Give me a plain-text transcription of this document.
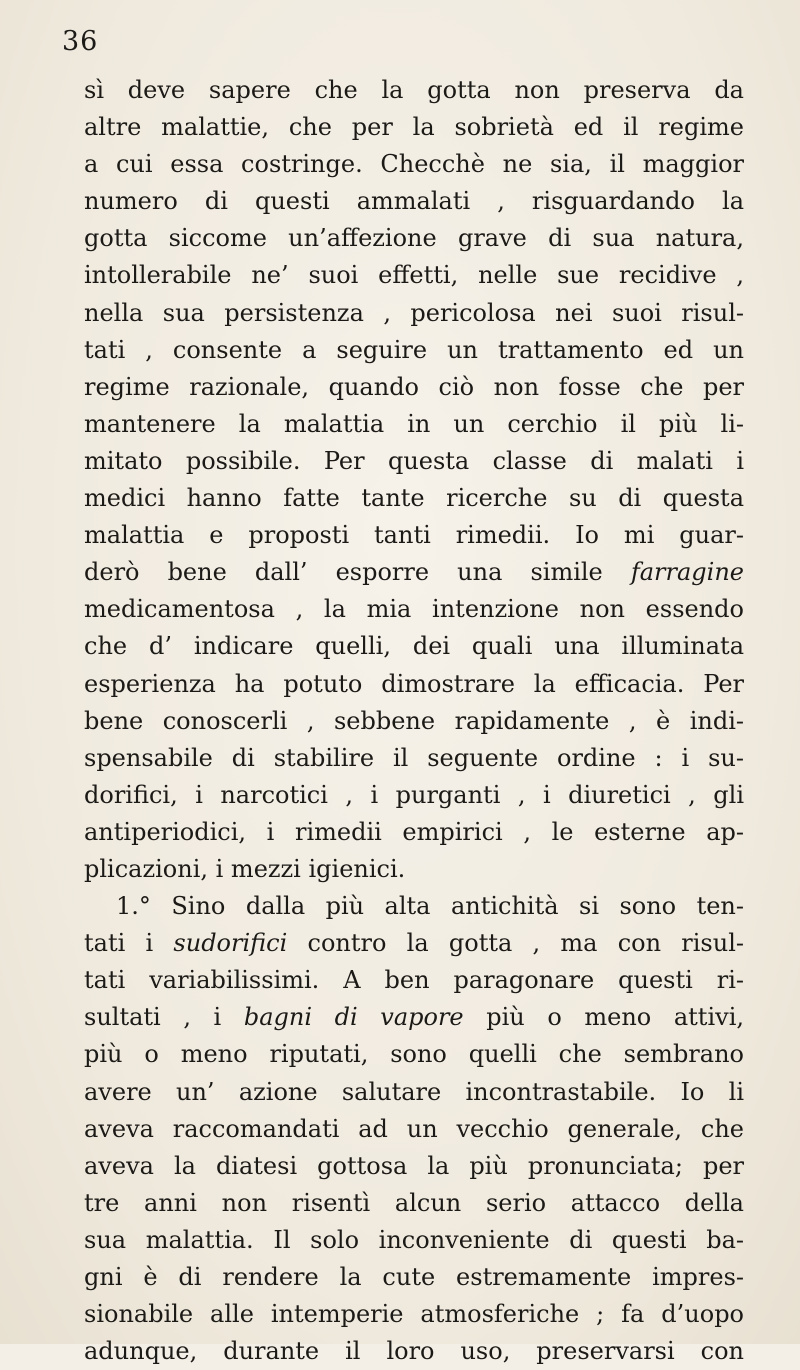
36
sì deve sapere che la gotta non preserva da
altre malattie, che per la sobrietà ed il regime
a cui essa costringe. Checchè ne sia, il maggior
numero di questi ammalati , risguardando la
gotta siccome un’affezione grave di sua natura,
intollerabile ne’ suoi effetti, nelle sue recidive ,
nella sua persistenza , pericolosa nei suoi risul-
tati , consente a seguire un trattamento ed un
regime razionale, quando ciò non fosse che per
mantenere la malattia in un cerchio il più li-
mitato possibile. Per questa classe di malati i
medici hanno fatte tante ricerche su di questa
malattia e proposti tanti rimedii. Io mi guar-
derò bene dall’ esporre una simile farragine
medicamentosa , la mia intenzione non essendo
che d’ indicare quelli, dei quali una illuminata
esperienza ha potuto dimostrare la efficacia. Per
bene conoscerli , sebbene rapidamente , è indi-
spensabile di stabilire il seguente ordine : i su-
dorifici, i narcotici , i purganti , i diuretici , gli
antiperiodici, i rimedii empirici , le esterne ap-
plicazioni, i mezzi igienici.
1.° Sino dalla più alta antichità si sono ten-
tati i sudorifici contro la gotta , ma con risul-
tati variabilissimi. A ben paragonare questi ri-
sultati , i bagni di vapore più o meno attivi,
più o meno riputati, sono quelli che sembrano
avere un’ azione salutare incontrastabile. Io li
aveva raccomandati ad un vecchio generale, che
aveva la diatesi gottosa la più pronunciata; per
tre anni non risentì alcun serio attacco della
sua malattia. Il solo inconveniente di questi ba-
gni è di rendere la cute estremamente impres-
sionabile alle intemperie atmosferiche ; fa d’uopo
adunque, durante il loro uso, preservarsi con
